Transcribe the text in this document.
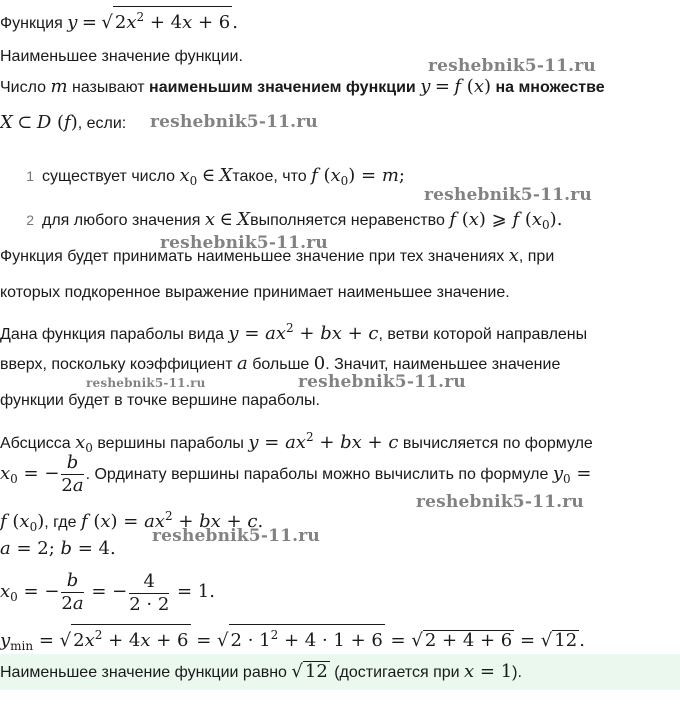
Функция y = √ $2x^2 + 4x + 6$ .
Наименьшее значение функции.
Число m называют наименьшим значением функции y = f (x) на множестве
X ⊂ D (f), если:
1 существует число $x_0$ ∈ Xтакое, что f $(x_0) = m$;
2 для любого значения x ∈ Xвыполняется неравенство f (x) ⩾ f $(x_0)$.
Функция будет принимать наименьшее значение при тех значениях x, при
которых подкоренное выражение принимает наименьшее значение.
Дана функция параболы вида $y = ax^2$ + bx + c, ветви которой направлены
вверх, поскольку коэффициент a больше 0. Значит, наименьшее значение
функции будет в точке вершине параболы.
Абсцисса $x_0$ вершины параболы $y = ax^2$ + bx + c вычисляется по формуле
$x_0$ = − $\frac{b}{2a}$ . Ординату вершины параболы можно вычислить по формуле $y_0$ =
f $(x_0)$, где f $(x) = ax^2$ + bx + c.
a = 2; b = 4.
$x_0$ = − $\frac{b}{2a}$ = − $\frac{4}{2 \cdot 2} = 1$.
$y_{min}$ = √ $2x^2 + 4x + 6$ = √ $2 \cdot 1^2 + 4 \cdot 1 + 6$ = √ 2 + 4 + 6 = √ 12 .
Наименьшее значение функции равно √ 12 (достигается при x = 1).
reshebnik5-11.ru
reshebnik5-11.ru
reshebnik5-11.ru
reshebnik5-11.ru
reshebnik5-11.ru	reshebnik5-11.ru
reshebnik5-11.ru
reshebnik5-11.ru
